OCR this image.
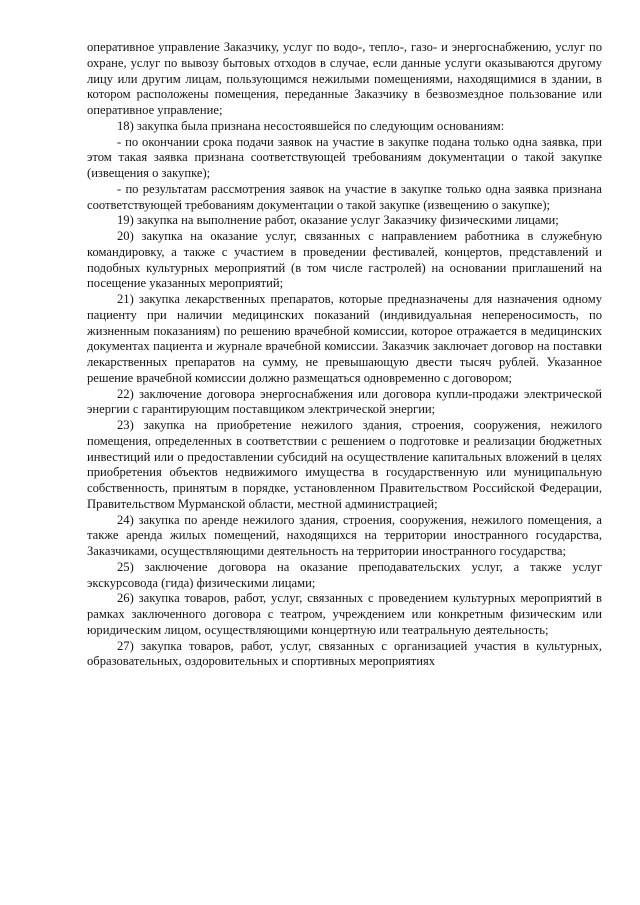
оперативное управление Заказчику, услуг по водо-, тепло-, газо- и энергоснабжению, услуг по охране, услуг по вывозу бытовых отходов в случае, если данные услуги оказываются другому лицу или другим лицам, пользующимся нежилыми помещениями, находящимися в здании, в котором расположены помещения, переданные Заказчику в безвозмездное пользование или оперативное управление;

18) закупка была признана несостоявшейся по следующим основаниям:

- по окончании срока подачи заявок на участие в закупке подана только одна заявка, при этом такая заявка признана соответствующей требованиям документации о такой закупке (извещения о закупке);

- по результатам рассмотрения заявок на участие в закупке только одна заявка признана соответствующей требованиям документации о такой закупке (извещению о закупке);

19) закупка на выполнение работ, оказание услуг Заказчику физическими лицами;

20) закупка на оказание услуг, связанных с направлением работника в служебную командировку, а также с участием в проведении фестивалей, концертов, представлений и подобных культурных мероприятий (в том числе гастролей) на основании приглашений на посещение указанных мероприятий;

21) закупка лекарственных препаратов, которые предназначены для назначения одному пациенту при наличии медицинских показаний (индивидуальная непереносимость, по жизненным показаниям) по решению врачебной комиссии, которое отражается в медицинских документах пациента и журнале врачебной комиссии. Заказчик заключает договор на поставки лекарственных препаратов на сумму, не превышающую двести тысяч рублей. Указанное решение врачебной комиссии должно размещаться одновременно с договором;

22) заключение договора энергоснабжения или договора купли-продажи электрической энергии с гарантирующим поставщиком электрической энергии;

23) закупка на приобретение нежилого здания, строения, сооружения, нежилого помещения, определенных в соответствии с решением о подготовке и реализации бюджетных инвестиций или о предоставлении субсидий на осуществление капитальных вложений в целях приобретения объектов недвижимого имущества в государственную или муниципальную собственность, принятым в порядке, установленном Правительством Российской Федерации, Правительством Мурманской области, местной администрацией;

24) закупка по аренде нежилого здания, строения, сооружения, нежилого помещения, а также аренда жилых помещений, находящихся на территории иностранного государства, Заказчиками, осуществляющими деятельность на территории иностранного государства;

25) заключение договора на оказание преподавательских услуг, а также услуг экскурсовода (гида) физическими лицами;

26) закупка товаров, работ, услуг, связанных с проведением культурных мероприятий в рамках заключенного договора с театром, учреждением или конкретным физическим или юридическим лицом, осуществляющими концертную или театральную деятельность;

27) закупка товаров, работ, услуг, связанных с организацией участия в культурных, образовательных, оздоровительных и спортивных мероприятиях
